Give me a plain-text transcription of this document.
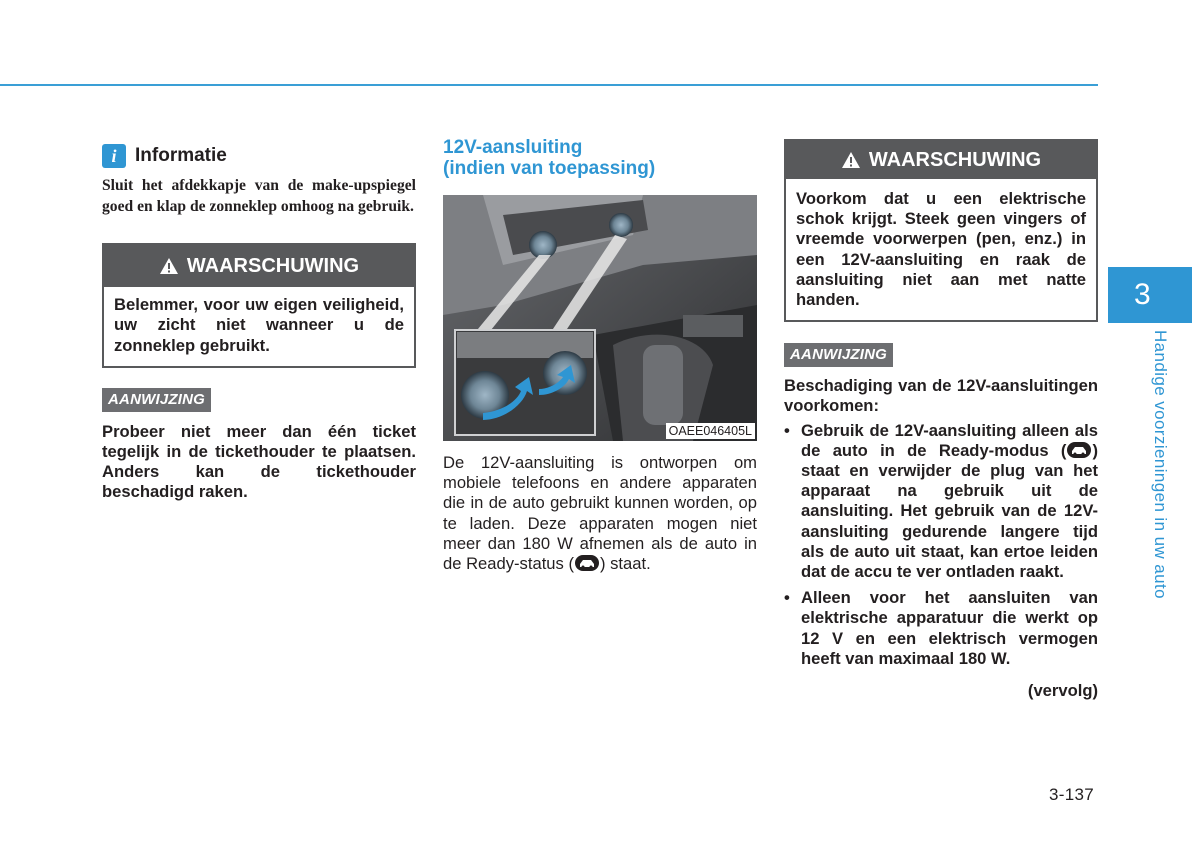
i Informatie

Sluit het afdekkapje van de make-upspiegel goed en klap de zonneklep omhoog na gebruik.

WAARSCHUWING
Belemmer, voor uw eigen veiligheid, uw zicht niet wanneer u de zonneklep gebruikt.
AANWIJZING

Probeer niet meer dan één ticket tegelijk in de tickethouder te plaatsen. Anders kan de tickethouder beschadigd raken.

12V-aansluiting
(indien van toepassing)
OAEE046405L

De 12V-aansluiting is ontworpen om mobiele telefoons en andere apparaten die in de auto gebruikt kunnen worden, op te laden. Deze apparaten mogen niet meer dan 180 W afnemen als de auto in de Ready-status ( ) staat.

WAARSCHUWING
Voorkom dat u een elektrische schok krijgt. Steek geen vingers of vreemde voorwerpen (pen, enz.) in een 12V-aansluiting en raak de aansluiting niet aan met natte handen.
AANWIJZING

Beschadiging van de 12V-aansluitingen voorkomen:

• Gebruik de 12V-aansluiting alleen als de auto in de Ready-modus ( ) staat en verwijder de plug van het apparaat na gebruik uit de aansluiting. Het gebruik van de 12V-aansluiting gedurende langere tijd als de auto uit staat, kan ertoe leiden dat de accu te ver ontladen raakt.
• Alleen voor het aansluiten van elektrische apparatuur die werkt op 12 V en een elektrisch vermogen heeft van maximaal 180 W.
(vervolg)
3
Handige voorzieningen in uw auto
3-137
